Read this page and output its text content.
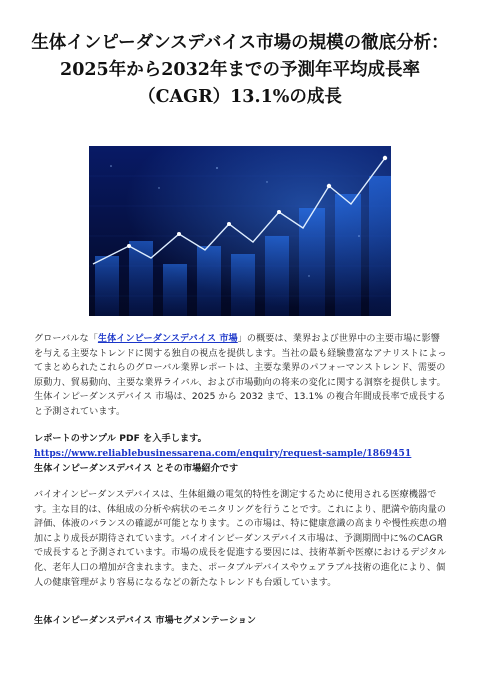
生体インピーダンスデバイス市場の規模の徹底分析：2025年から2032年までの予測年平均成長率（CAGR）13.1%の成長

グローバルな「生体インピーダンスデバイス 市場」の概要は、業界および世界中の主要市場に影響を与える主要なトレンドに関する独自の視点を提供します。当社の最も経験豊富なアナリストによってまとめられたこれらのグローバル業界レポートは、主要な業界のパフォーマンストレンド、需要の原動力、貿易動向、主要な業界ライバル、および市場動向の将来の変化に関する洞察を提供します。生体インピーダンスデバイス 市場は、2025 から 2032 まで、13.1% の複合年間成長率で成長すると予測されています。

レポートのサンプル PDF を入手します。 https://www.reliablebusinessarena.com/enquiry/request-sample/1869451

生体インピーダンスデバイス とその市場紹介です

バイオインピーダンスデバイスは、生体組織の電気的特性を測定するために使用される医療機器です。主な目的は、体組成の分析や病状のモニタリングを行うことです。これにより、肥満や筋肉量の評価、体液のバランスの確認が可能となります。この市場は、特に健康意識の高まりや慢性疾患の増加により成長が期待されています。バイオインピーダンスデバイス市場は、予測期間中に%のCAGRで成長すると予測されています。市場の成長を促進する要因には、技術革新や医療におけるデジタル化、老年人口の増加が含まれます。また、ポータブルデバイスやウェアラブル技術の進化により、個人の健康管理がより容易になるなどの新たなトレンドも台頭しています。

生体インピーダンスデバイス 市場セグメンテーション
